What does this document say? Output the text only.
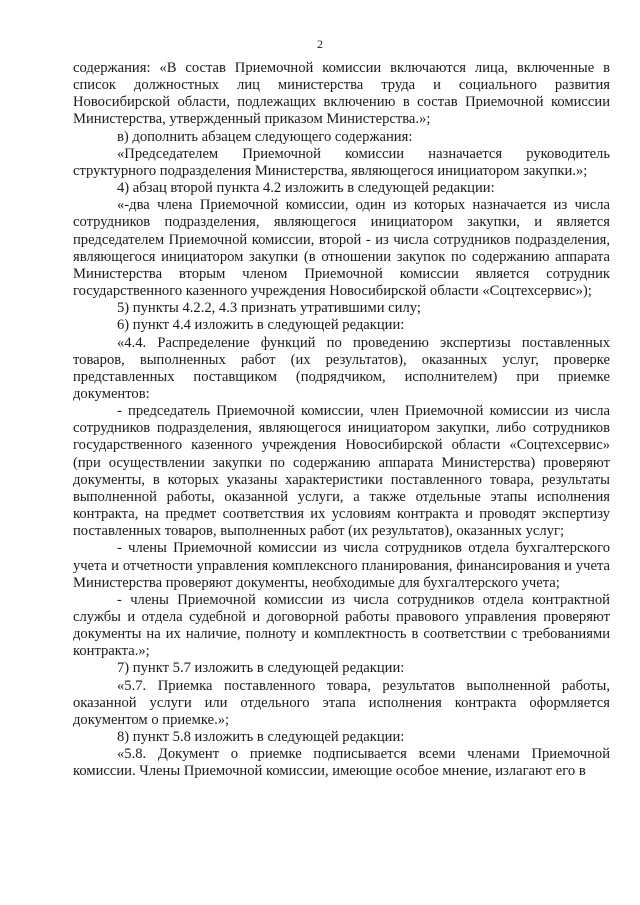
2

содержания: «В состав Приемочной комиссии включаются лица, включенные в список должностных лиц министерства труда и социального развития Новосибирской области, подлежащих включению в состав Приемочной комиссии Министерства, утвержденный приказом Министерства.»;

в) дополнить абзацем следующего содержания:

«Председателем Приемочной комиссии назначается руководитель структурного подразделения Министерства, являющегося инициатором закупки.»;

4) абзац второй пункта 4.2 изложить в следующей редакции:

«-два члена Приемочной комиссии, один из которых назначается из числа сотрудников подразделения, являющегося инициатором закупки, и является председателем Приемочной комиссии, второй - из числа сотрудников подразделения, являющегося инициатором закупки (в отношении закупок по содержанию аппарата Министерства вторым членом Приемочной комиссии является сотрудник государственного казенного учреждения Новосибирской области «Соцтехсервис»);

5) пункты 4.2.2, 4.3 признать утратившими силу;

6) пункт 4.4 изложить в следующей редакции:

«4.4. Распределение функций по проведению экспертизы поставленных товаров, выполненных работ (их результатов), оказанных услуг, проверке представленных поставщиком (подрядчиком, исполнителем) при приемке документов:

- председатель Приемочной комиссии, член Приемочной комиссии из числа сотрудников подразделения, являющегося инициатором закупки, либо сотрудников государственного казенного учреждения Новосибирской области «Соцтехсервис» (при осуществлении закупки по содержанию аппарата Министерства) проверяют документы, в которых указаны характеристики поставленного товара, результаты выполненной работы, оказанной услуги, а также отдельные этапы исполнения контракта, на предмет соответствия их условиям контракта и проводят экспертизу поставленных товаров, выполненных работ (их результатов), оказанных услуг;

- члены Приемочной комиссии из числа сотрудников отдела бухгалтерского учета и отчетности управления комплексного планирования, финансирования и учета Министерства проверяют документы, необходимые для бухгалтерского учета;

- члены Приемочной комиссии из числа сотрудников отдела контрактной службы и отдела судебной и договорной работы правового управления проверяют документы на их наличие, полноту и комплектность в соответствии с требованиями контракта.»;

7) пункт 5.7 изложить в следующей редакции:

«5.7. Приемка поставленного товара, результатов выполненной работы, оказанной услуги или отдельного этапа исполнения контракта оформляется документом о приемке.»;

8) пункт 5.8 изложить в следующей редакции:

«5.8. Документ о приемке подписывается всеми членами Приемочной комиссии. Члены Приемочной комиссии, имеющие особое мнение, излагают его в
